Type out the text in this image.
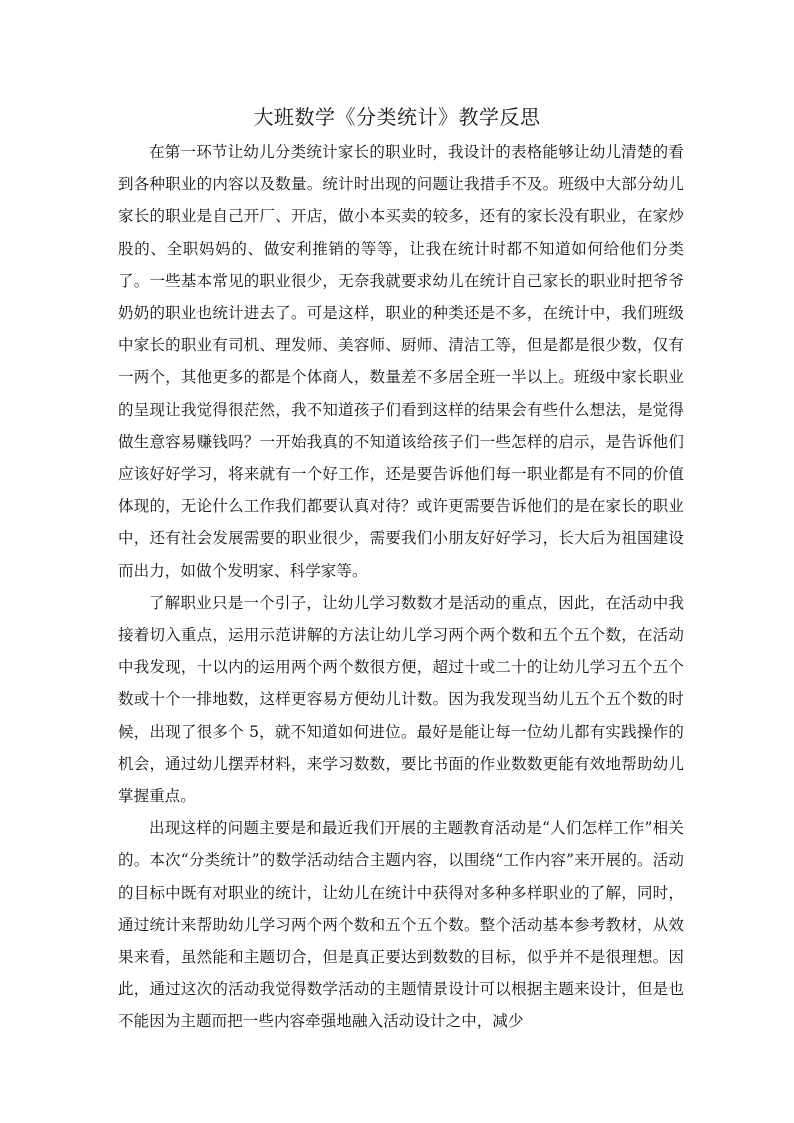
大班数学《分类统计》教学反思

在第一环节让幼儿分类统计家长的职业时，我设计的表格能够让幼儿清楚的看到各种职业的内容以及数量。统计时出现的问题让我措手不及。班级中大部分幼儿家长的职业是自己开厂、开店，做小本买卖的较多，还有的家长没有职业，在家炒股的、全职妈妈的、做安利推销的等等，让我在统计时都不知道如何给他们分类了。一些基本常见的职业很少，无奈我就要求幼儿在统计自己家长的职业时把爷爷奶奶的职业也统计进去了。可是这样，职业的种类还是不多，在统计中，我们班级中家长的职业有司机、理发师、美容师、厨师、清洁工等，但是都是很少数，仅有一两个，其他更多的都是个体商人，数量差不多居全班一半以上。班级中家长职业的呈现让我觉得很茫然，我不知道孩子们看到这样的结果会有些什么想法，是觉得做生意容易赚钱吗？一开始我真的不知道该给孩子们一些怎样的启示，是告诉他们应该好好学习，将来就有一个好工作，还是要告诉他们每一职业都是有不同的价值体现的，无论什么工作我们都要认真对待？或许更需要告诉他们的是在家长的职业中，还有社会发展需要的职业很少，需要我们小朋友好好学习，长大后为祖国建设而出力，如做个发明家、科学家等。

了解职业只是一个引子，让幼儿学习数数才是活动的重点，因此，在活动中我接着切入重点，运用示范讲解的方法让幼儿学习两个两个数和五个五个数，在活动中我发现，十以内的运用两个两个数很方便，超过十或二十的让幼儿学习五个五个数或十个一排地数，这样更容易方便幼儿计数。因为我发现当幼儿五个五个数的时候，出现了很多个 5，就不知道如何进位。最好是能让每一位幼儿都有实践操作的机会，通过幼儿摆弄材料，来学习数数，要比书面的作业数数更能有效地帮助幼儿掌握重点。

出现这样的问题主要是和最近我们开展的主题教育活动是“人们怎样工作”相关的。本次“分类统计”的数学活动结合主题内容，以围绕“工作内容”来开展的。活动的目标中既有对职业的统计，让幼儿在统计中获得对多种多样职业的了解，同时，通过统计来帮助幼儿学习两个两个数和五个五个数。整个活动基本参考教材，从效果来看，虽然能和主题切合，但是真正要达到数数的目标，似乎并不是很理想。因此，通过这次的活动我觉得数学活动的主题情景设计可以根据主题来设计，但是也不能因为主题而把一些内容牵强地融入活动设计之中，减少
